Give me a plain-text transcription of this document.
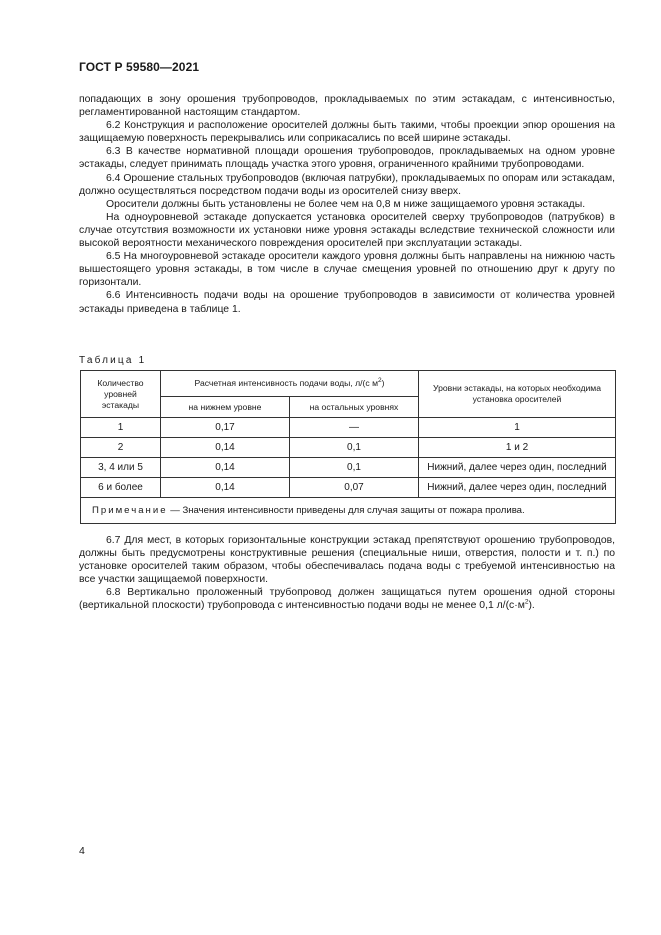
ГОСТ Р 59580—2021

попадающих в зону орошения трубопроводов, прокладываемых по этим эстакадам, с интенсивностью, регламентированной настоящим стандартом.

6.2 Конструкция и расположение оросителей должны быть такими, чтобы проекции эпюр орошения на защищаемую поверхность перекрывались или соприкасались по всей ширине эстакады.

6.3 В качестве нормативной площади орошения трубопроводов, прокладываемых на одном уровне эстакады, следует принимать площадь участка этого уровня, ограниченного крайними трубопроводами.

6.4 Орошение стальных трубопроводов (включая патрубки), прокладываемых по опорам или эстакадам, должно осуществляться посредством подачи воды из оросителей снизу вверх.

Оросители должны быть установлены не более чем на 0,8 м ниже защищаемого уровня эстакады.

На одноуровневой эстакаде допускается установка оросителей сверху трубопроводов (патрубков) в случае отсутствия возможности их установки ниже уровня эстакады вследствие технической сложности или высокой вероятности механического повреждения оросителей при эксплуатации эстакады.

6.5 На многоуровневой эстакаде оросители каждого уровня должны быть направлены на нижнюю часть вышестоящего уровня эстакады, в том числе в случае смещения уровней по отношению друг к другу по горизонтали.

6.6 Интенсивность подачи воды на орошение трубопроводов в зависимости от количества уровней эстакады приведена в таблице 1.

Таблица 1
Количество уровней эстакады	Расчетная интенсивность подачи воды, л/(с $м^2$)		Уровни эстакады, на которых необходима установка оросителей
	на нижнем уровне	на остальных уровнях	
1	0,17	—	1
2	0,14	0,1	1 и 2
3, 4 или 5	0,14	0,1	Нижний, далее через один, последний
6 и более	0,14	0,07	Нижний, далее через один, последний
Примечание — Значения интенсивности приведены для случая защиты от пожара пролива.			

6.7 Для мест, в которых горизонтальные конструкции эстакад препятствуют орошению трубопроводов, должны быть предусмотрены конструктивные решения (специальные ниши, отверстия, полости и т. п.) по установке оросителей таким образом, чтобы обеспечивалась подача воды с требуемой интенсивностью на все участки защищаемой поверхности.

6.8 Вертикально проложенный трубопровод должен защищаться путем орошения одной стороны (вертикальной плоскости) трубопровода с интенсивностью подачи воды не менее 0,1 $л/(с\cdot м^2)$.

4
